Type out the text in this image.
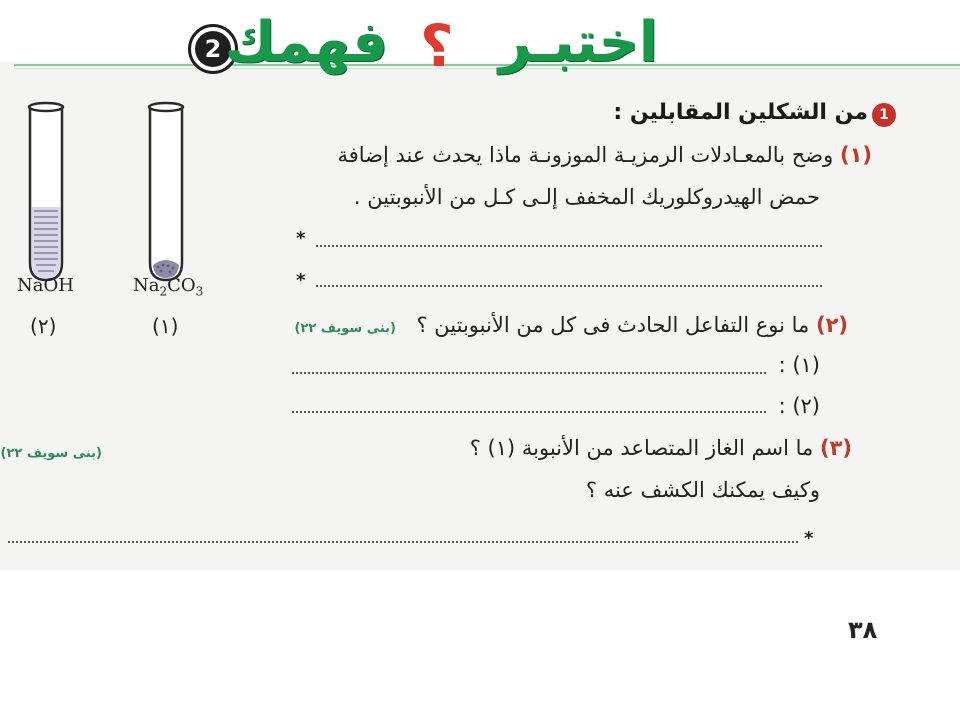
2	اختبـر
؟
فهمك
NaOH	$Na_2CO_3$
(٢)	(١)
1
من الشكلين المقابلين :
(١) وضح بالمعـادلات الرمزيـة الموزونـة ماذا يحدث عند إضافة
حمض الهيدروكلوريك المخفف إلـى كـل من الأنبوبتين .
*
*
(٢) ما نوع التفاعل الحادث فى كل من الأنبوبتين ؟
(بنى سويف ٢٢)
(١) :
(٢) :
(٣) ما اسم الغاز المتصاعد من الأنبوبة (١) ؟
(بنى سويف ٢٢)
وكيف يمكنك الكشف عنه ؟
*
٣٨
